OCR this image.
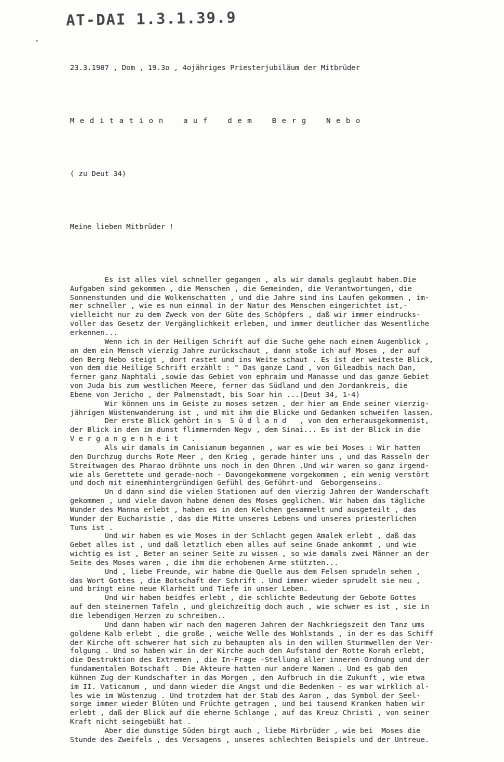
AT-DAI 1.3.1.39.9
·

23.3.1987 , Dom , 19.3o , 4ojähriges Priesterjubiläum der Mitbrüder

M e d i t a t i o n    a u f    d e m    B e r g    N e b o

( zu Deut 34)

Meine lieben Mitbrüder !

Es ist alles viel schneller gegangen , als wir damals geglaubt haben.Die
Aufgaben sind gekommen , die Menschen , die Gemeinden, die Verantwortungen, die
Sonnenstunden und die Wolkenschatten , und die Jahre sind ins Laufen gekommen , im-
mer schneller , wie es nun einmal in der Natur des Menschen eingerichtet ist,-
vielleicht nur zu dem Zweck von der Güte des Schöpfers , daß wir immer eindrucks-
voller das Gesetz der Vergänglichkeit erleben, und immer deutlicher das Wesentliche
erkennen...
Wenn ich in der Heiligen Schrift auf die Suche gehe nach einem Augenblick ,
an dem ein Mensch vierzig Jahre zurückschaut , dann stoße ich auf Moses , der auf
den Berg Nebo steigt , dort rastet und ins Weite schaut . Es ist der weiteste Blick,
von dem die Heilige Schrift erzählt : " Das ganze Land , von Gileadbis nach Dan,
ferner ganz Naphtali ,sowie das Gebiet von ephraim und Manasse und das ganze Gebiet
von Juda bis zum westlichen Meere, ferner das Südland und den Jordankreis, die
Ebene von Jericho , der Palmenstadt, bis Soar hin ...(Deut 34, 1-4)
Wir können uns im Geiste zu moses setzen , der hier am Ende seiner vierzig-
jährigen Wüstenwanderung ist , und mit ihm die Blicke und Gedanken schweifen lassen.
Der erste Blick gehört in s  S ü d l a n d   , von dem erherausgekommenist,
der Blick in den im dunst flimmernden Negv , dem Sinai... Es ist der Blick in die
V e r g a n g e n h e i t   .
Als wir damals im Canisianum begannen , war es wie bei Moses : Wir hatten
den Durchzug durchs Rote Meer , den Krieg , gerade hinter uns , und das Rasseln der
Streitwagen des Pharao dröhnte uns noch in den Ohren .Und wir waren so ganz irgend-
wie als Gerettete und gerade-noch - Davongekommene vorgekommen , ein wenig verstört
und doch mit einemhintergründigen Gefühl des Geführt-und  Geborgenseins.
Un d dann sind die vielen Stationen auf den vierzig Jahren der Wanderschaft
gekommen , und viele davon habne denen des Moses geglichen. Wir haben das tägliche
Wunder des Manna erlebt , haben es in den Kelchen gesammelt und ausgeteilt , das
Wunder der Eucharistie , das die Mitte unseres Lebens und unseres priesterlichen
Tuns ist .
Und wir haben es wie Moses in der Schlacht gegen Amalek erlebt , daß das
Gebet alles ist , und daß letztlich eben alles auf seine Gnade ankommt , und wie
wichtig es ist , Beter an seiner Seite zu wissen , so wie damals zwei Männer an der
Seite des Moses waren , die ihm die erhobenen Arme stützten...
Und , liebe Freunde, wir habne die Quelle aus dem Felsen sprudeln sehen ,
das Wort Gottes , die Botschaft der Schrift . Und immer wieder sprudelt sie neu ,
und bringt eine neue Klarheit und Tiefe in unser Leben.
Und wir haben beidfes erlebt , die schlichte Bedeutung der Gebote Gottes
auf den steinernen Tafeln , und gleichzeitig doch auch , wie schwer es ist , sie in
die lebendigen Herzen zu schreiben..
Und dann haben wir nach den mageren Jahren der Nachkriegszeit den Tanz ums
goldene Kalb erlebt , die große , weiche Welle des Wohlstands , in der es das Schiff
der Kirche oft schwerer hat sich zu behaupten als in den willen Sturmwellen der Ver-
folgung . Und so haben wir in der Kirche auch den Aufstand der Rotte Korah erlebt,
die Destruktion des Extremen , die In-Frage -Stellung aller inneren Ordnung und der
fundamentalen Botschaft . Die Akteure hatten nur andere Namen . Und es gab den
kühnen Zug der Kundschafter in das Morgen , den Aufbruch in die Zukunft , wie etwa
im II. Vaticanum , und dann wieder die Angst und die Bedenken - es war wirklich al-
les wie im Wüstenzug . Und trotzdem hat der Stab des Aaron , das Symbol der Seel-
sorge immer wieder Blüten und Früchte getragen , und bei tausend Kranken haben wir
erlebt , daß der Blick auf die eherne Schlange , auf das Kreuz Christi , von seiner
Kraft nicht seingebüßt hat .
Aber die dunstige Süden birgt auch , liebe Mirbrüder , wie bei  Moses die
Stunde des Zweifels , des Versagens , unseres schlechten Beispiels und der Untreue.
